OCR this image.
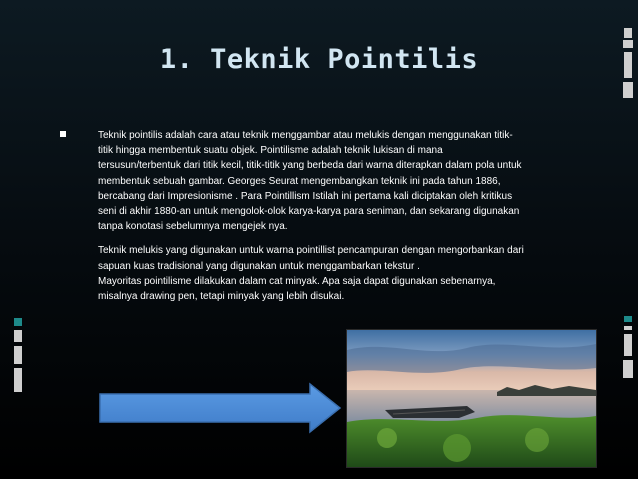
1. Teknik Pointilis
Teknik pointilis adalah cara atau teknik menggambar atau melukis dengan menggunakan titik-
titik hingga membentuk suatu objek. Pointilisme adalah teknik lukisan di mana
tersusun/terbentuk dari titik kecil, titik-titik yang berbeda dari warna diterapkan dalam pola untuk
membentuk sebuah gambar. Georges Seurat mengembangkan teknik ini pada tahun 1886,
bercabang dari Impresionisme . Para Pointillism Istilah ini pertama kali diciptakan oleh kritikus
seni di akhir 1880-an untuk mengolok-olok karya-karya para seniman, dan sekarang digunakan
tanpa konotasi sebelumnya mengejek nya.
Teknik melukis yang digunakan untuk warna pointillist pencampuran dengan mengorbankan dari
sapuan kuas tradisional yang digunakan untuk menggambarkan tekstur .
Mayoritas pointilisme dilakukan dalam cat minyak. Apa saja dapat digunakan sebenarnya,
misalnya drawing pen, tetapi minyak yang lebih disukai.
